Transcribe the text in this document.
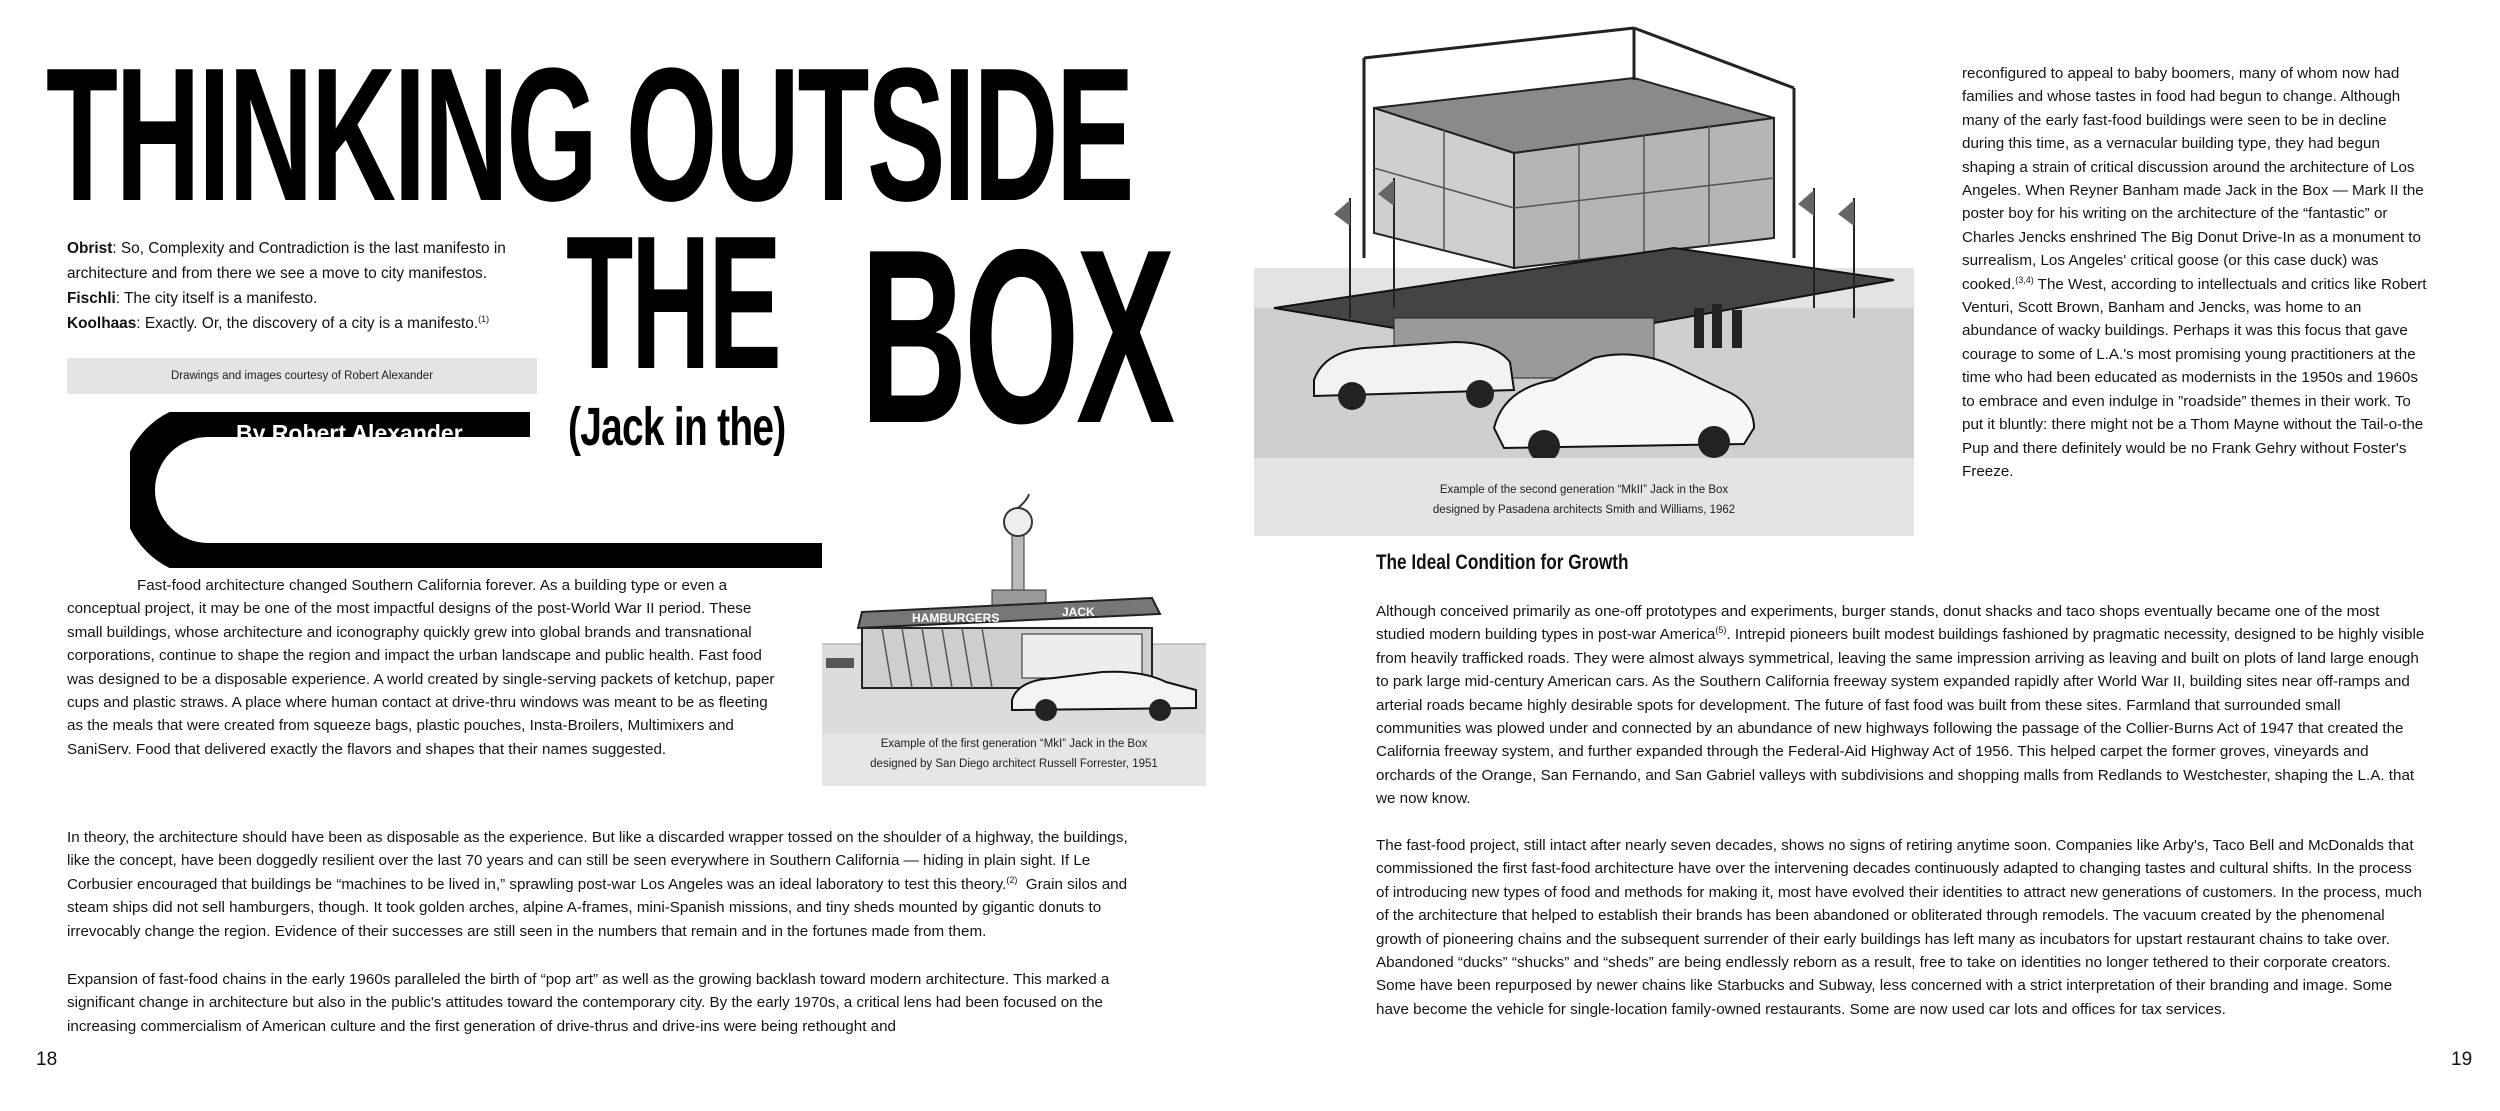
THINKING OUTSIDE
THE BOX
(Jack in the)

Obrist: So, Complexity and Contradiction is the last manifesto in architecture and from there we see a move to city manifestos.

Fischli: The city itself is a manifesto.

Koolhaas: Exactly. Or, the discovery of a city is a manifesto.$^{(1)}$

Drawings and images courtesy of Robert Alexander
By Robert Alexander

Fast-food architecture changed Southern California forever. As a building type or even a conceptual project, it may be one of the most impactful designs of the post-World War II period. These small buildings, whose architecture and iconography quickly grew into global brands and transnational corporations, continue to shape the region and impact the urban landscape and public health. Fast food was designed to be a disposable experience. A world created by single-serving packets of ketchup, paper cups and plastic straws. A place where human contact at drive-thru windows was meant to be as fleeting as the meals that were created from squeeze bags, plastic pouches, Insta-Broilers, Multimixers and SaniServ. Food that delivered exactly the flavors and shapes that their names suggested.

HAMBURGERS	JACK
Example of the first generation “MkI” Jack in the Box
designed by San Diego architect Russell Forrester, 1951

In theory, the architecture should have been as disposable as the experience. But like a discarded wrapper tossed on the shoulder of a highway, the buildings, like the concept, have been doggedly resilient over the last 70 years and can still be seen everywhere in Southern California — hiding in plain sight. If Le Corbusier encouraged that buildings be “machines to be lived in,” sprawling post-war Los Angeles was an ideal laboratory to test this theory.$^{(2)}$  Grain silos and steam ships did not sell hamburgers, though. It took golden arches, alpine A-frames, mini-Spanish missions, and tiny sheds mounted by gigantic donuts to irrevocably change the region. Evidence of their successes are still seen in the numbers that remain and in the fortunes made from them.

Expansion of fast-food chains in the early 1960s paralleled the birth of “pop art” as well as the growing backlash toward modern architecture. This marked a significant change in architecture but also in the public's attitudes toward the contemporary city. By the early 1970s, a critical lens had been focused on the increasing commercialism of American culture and the first generation of drive-thrus and drive-ins were being rethought and

18
Example of the second generation “MkII” Jack in the Box
designed by Pasadena architects Smith and Williams, 1962

reconfigured to appeal to baby boomers, many of whom now had families and whose tastes in food had begun to change. Although many of the early fast-food buildings were seen to be in decline during this time, as a vernacular building type, they had begun shaping a strain of critical discussion around the architecture of Los Angeles. When Reyner Banham made Jack in the Box — Mark II the poster boy for his writing on the architecture of the “fantastic” or Charles Jencks enshrined The Big Donut Drive-In as a monument to surrealism, Los Angeles' critical goose (or this case duck) was cooked.$^{(3,4)}$ The West, according to intellectuals and critics like Robert Venturi, Scott Brown, Banham and Jencks, was home to an abundance of wacky buildings. Perhaps it was this focus that gave courage to some of L.A.'s most promising young practitioners at the time who had been educated as modernists in the 1950s and 1960s to embrace and even indulge in ”roadside” themes in their work. To put it bluntly: there might not be a Thom Mayne without the Tail-o-the Pup and there definitely would be no Frank Gehry without Foster's Freeze.

The Ideal Condition for Growth

Although conceived primarily as one-off prototypes and experiments, burger stands, donut shacks and taco shops eventually became one of the most studied modern building types in post-war America$^{(5)}$. Intrepid pioneers built modest buildings fashioned by pragmatic necessity, designed to be highly visible from heavily trafficked roads. They were almost always symmetrical, leaving the same impression arriving as leaving and built on plots of land large enough to park large mid-century American cars. As the Southern California freeway system expanded rapidly after World War II, building sites near off-ramps and arterial roads became highly desirable spots for development. The future of fast food was built from these sites. Farmland that surrounded small communities was plowed under and connected by an abundance of new highways following the passage of the Collier-Burns Act of 1947 that created the California freeway system, and further expanded through the Federal-Aid Highway Act of 1956. This helped carpet the former groves, vineyards and orchards of the Orange, San Fernando, and San Gabriel valleys with subdivisions and shopping malls from Redlands to Westchester, shaping the L.A. that we now know.

The fast-food project, still intact after nearly seven decades, shows no signs of retiring anytime soon. Companies like Arby's, Taco Bell and McDonalds that commissioned the first fast-food architecture have over the intervening decades continuously adapted to changing tastes and cultural shifts. In the process of introducing new types of food and methods for making it, most have evolved their identities to attract new generations of customers. In the process, much of the architecture that helped to establish their brands has been abandoned or obliterated through remodels. The vacuum created by the phenomenal growth of pioneering chains and the subsequent surrender of their early buildings has left many as incubators for upstart restaurant chains to take over. Abandoned “ducks” “shucks” and “sheds” are being endlessly reborn as a result, free to take on identities no longer tethered to their corporate creators. Some have been repurposed by newer chains like Starbucks and Subway, less concerned with a strict interpretation of their branding and image. Some have become the vehicle for single-location family-owned restaurants. Some are now used car lots and offices for tax services.

19
